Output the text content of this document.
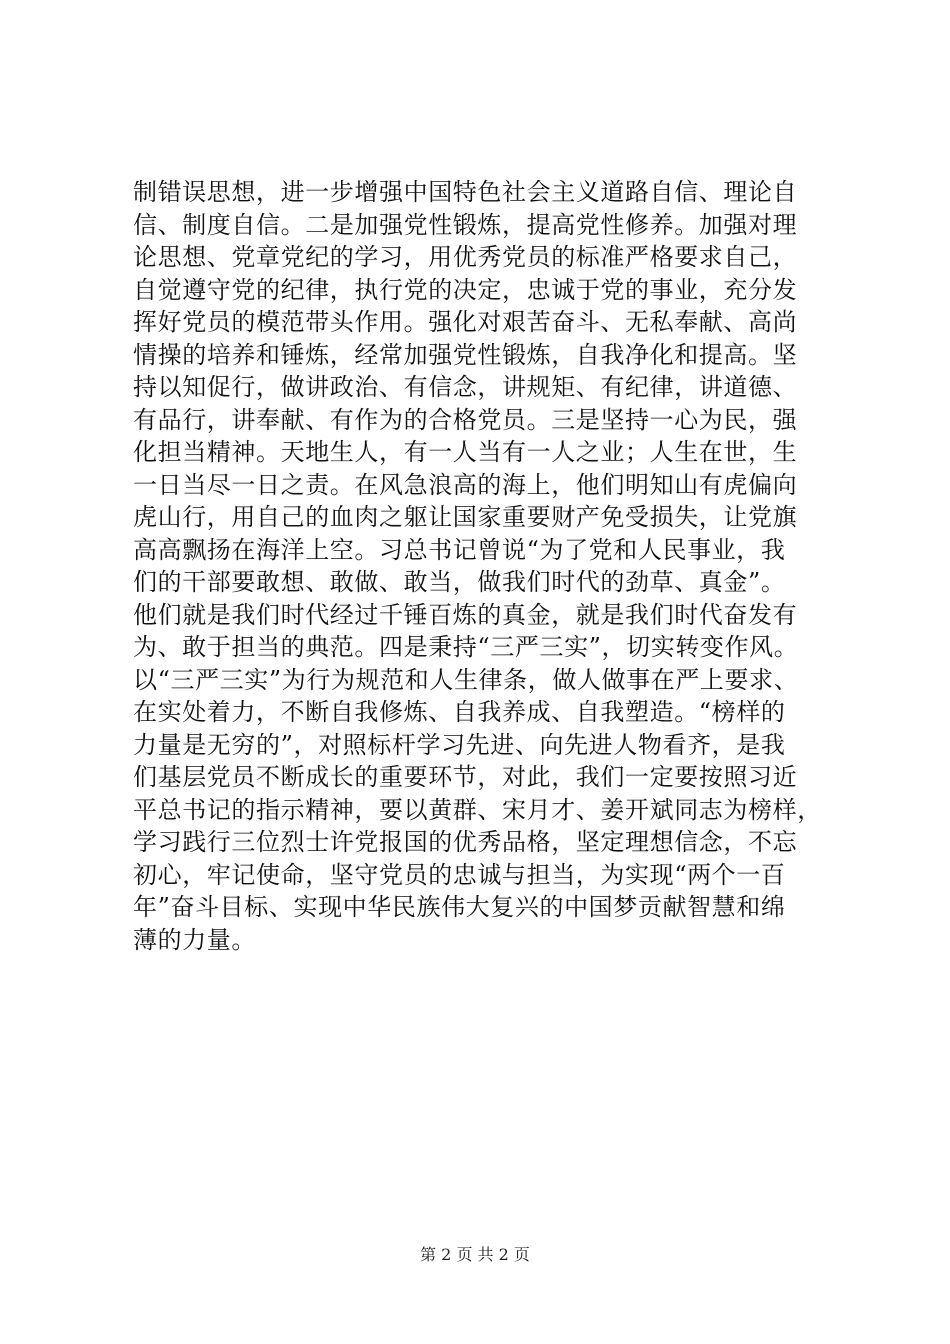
制错误思想，进一步增强中国特色社会主义道路自信、理论自
信、制度自信。二是加强党性锻炼，提高党性修养。加强对理
论思想、党章党纪的学习，用优秀党员的标准严格要求自己，
自觉遵守党的纪律，执行党的决定，忠诚于党的事业，充分发
挥好党员的模范带头作用。强化对艰苦奋斗、无私奉献、高尚
情操的培养和锤炼，经常加强党性锻炼，自我净化和提高。坚
持以知促行，做讲政治、有信念，讲规矩、有纪律，讲道德、
有品行，讲奉献、有作为的合格党员。三是坚持一心为民，强
化担当精神。天地生人，有一人当有一人之业；人生在世，生
一日当尽一日之责。在风急浪高的海上，他们明知山有虎偏向
虎山行，用自己的血肉之躯让国家重要财产免受损失，让党旗
高高飘扬在海洋上空。习总书记曾说“为了党和人民事业，我
们的干部要敢想、敢做、敢当，做我们时代的劲草、真金”。
他们就是我们时代经过千锤百炼的真金，就是我们时代奋发有
为、敢于担当的典范。四是秉持“三严三实”，切实转变作风。
以“三严三实”为行为规范和人生律条，做人做事在严上要求、
在实处着力，不断自我修炼、自我养成、自我塑造。“榜样的
力量是无穷的”，对照标杆学习先进、向先进人物看齐，是我
们基层党员不断成长的重要环节，对此，我们一定要按照习近
平总书记的指示精神，要以黄群、宋月才、姜开斌同志为榜样，
学习践行三位烈士许党报国的优秀品格，坚定理想信念，不忘
初心，牢记使命，坚守党员的忠诚与担当，为实现“两个一百
年”奋斗目标、实现中华民族伟大复兴的中国梦贡献智慧和绵
薄的力量。
第 2 页 共 2 页
